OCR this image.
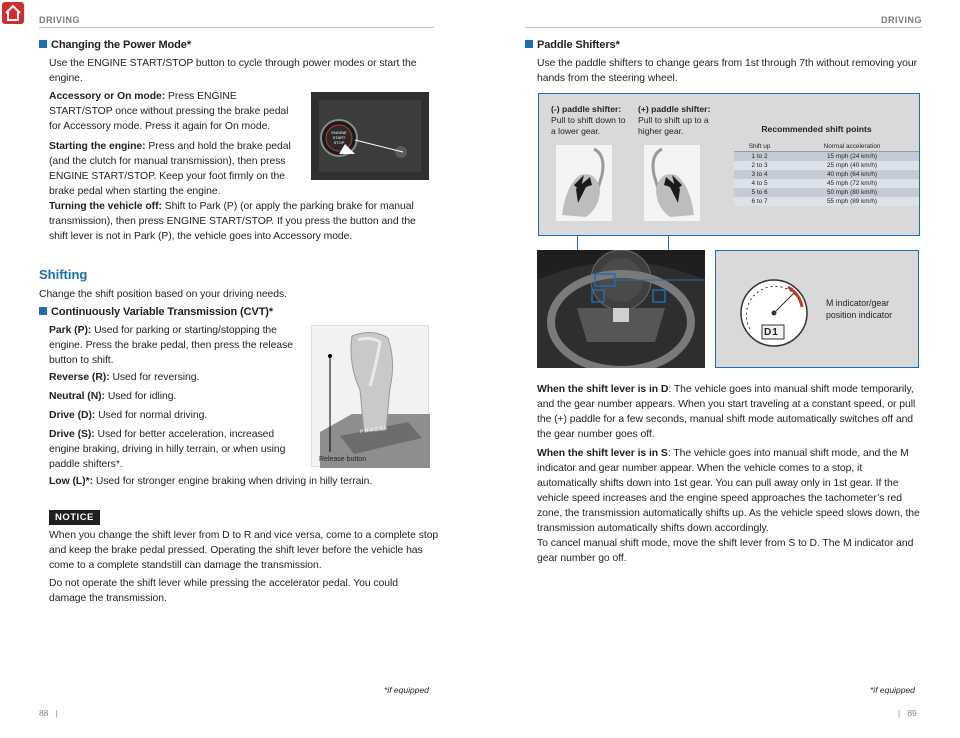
DRIVING	DRIVING
Changing the Power Mode*
Use the ENGINE START/STOP button to cycle through power modes or start the engine.
Accessory or On mode: Press ENGINE START/STOP once without pressing the brake pedal for Accessory mode. Press it again for On mode.
Starting the engine: Press and hold the brake pedal (and the clutch for manual transmission), then press ENGINE START/STOP. Keep your foot firmly on the brake pedal when starting the engine.
ENGINE
START
STOP
Turning the vehicle off: Shift to Park (P) (or apply the parking brake for manual transmission), then press ENGINE START/STOP. If you press the button and the shift lever is not in Park (P), the vehicle goes into Accessory mode.
Shifting
Change the shift position based on your driving needs.
Continuously Variable Transmission (CVT)*
Park (P): Used for parking or starting/stopping the engine. Press the brake pedal, then press the release button to shift.
Reverse (R): Used for reversing.
Neutral (N): Used for idling.
Drive (D): Used for normal driving.
Drive (S): Used for better acceleration, increased engine braking, driving in hilly terrain, or when using paddle shifters*.
Low (L)*: Used for stronger engine braking when driving in hilly terrain.
P R N D S L
Release button
NOTICE
When you change the shift lever from D to R and vice versa, come to a complete stop and keep the brake pedal pressed. Operating the shift lever before the vehicle has come to a complete standstill can damage the transmission.
Do not operate the shift lever while pressing the accelerator pedal. You could damage the transmission.
*if equipped
88 |
Paddle Shifters*
Use the paddle shifters to change gears from 1st through 7th without removing your hands from the steering wheel.
(-) paddle shifter:
Pull to shift down to a lower gear.
(+) paddle shifter:
Pull to shift up to a higher gear.	Recommended shift points
Shift up	Normal acceleration
1 to 2	15 mph (24 km/h)
2 to 3	25 mph (40 km/h)
3 to 4	40 mph (64 km/h)
4 to 5	45 mph (72 km/h)
5 to 6	50 mph (80 km/h)
6 to 7	55 mph (89 km/h)
D1
M indicator/gear position indicator
When the shift lever is in D: The vehicle goes into manual shift mode temporarily, and the gear number appears. When you start traveling at a constant speed, or pull the (+) paddle for a few seconds, manual shift mode automatically switches off and the gear number goes off.
When the shift lever is in S: The vehicle goes into manual shift mode, and the M indicator and gear number appear. When the vehicle comes to a stop, it automatically shifts down into 1st gear. You can pull away only in 1st gear. If the vehicle speed increases and the engine speed approaches the tachometer’s red zone, the transmission automatically shifts up. As the vehicle speed slows down, the transmission automatically shifts down accordingly.
To cancel manual shift mode, move the shift lever from S to D. The M indicator and gear number go off.
*if equipped
| 89
